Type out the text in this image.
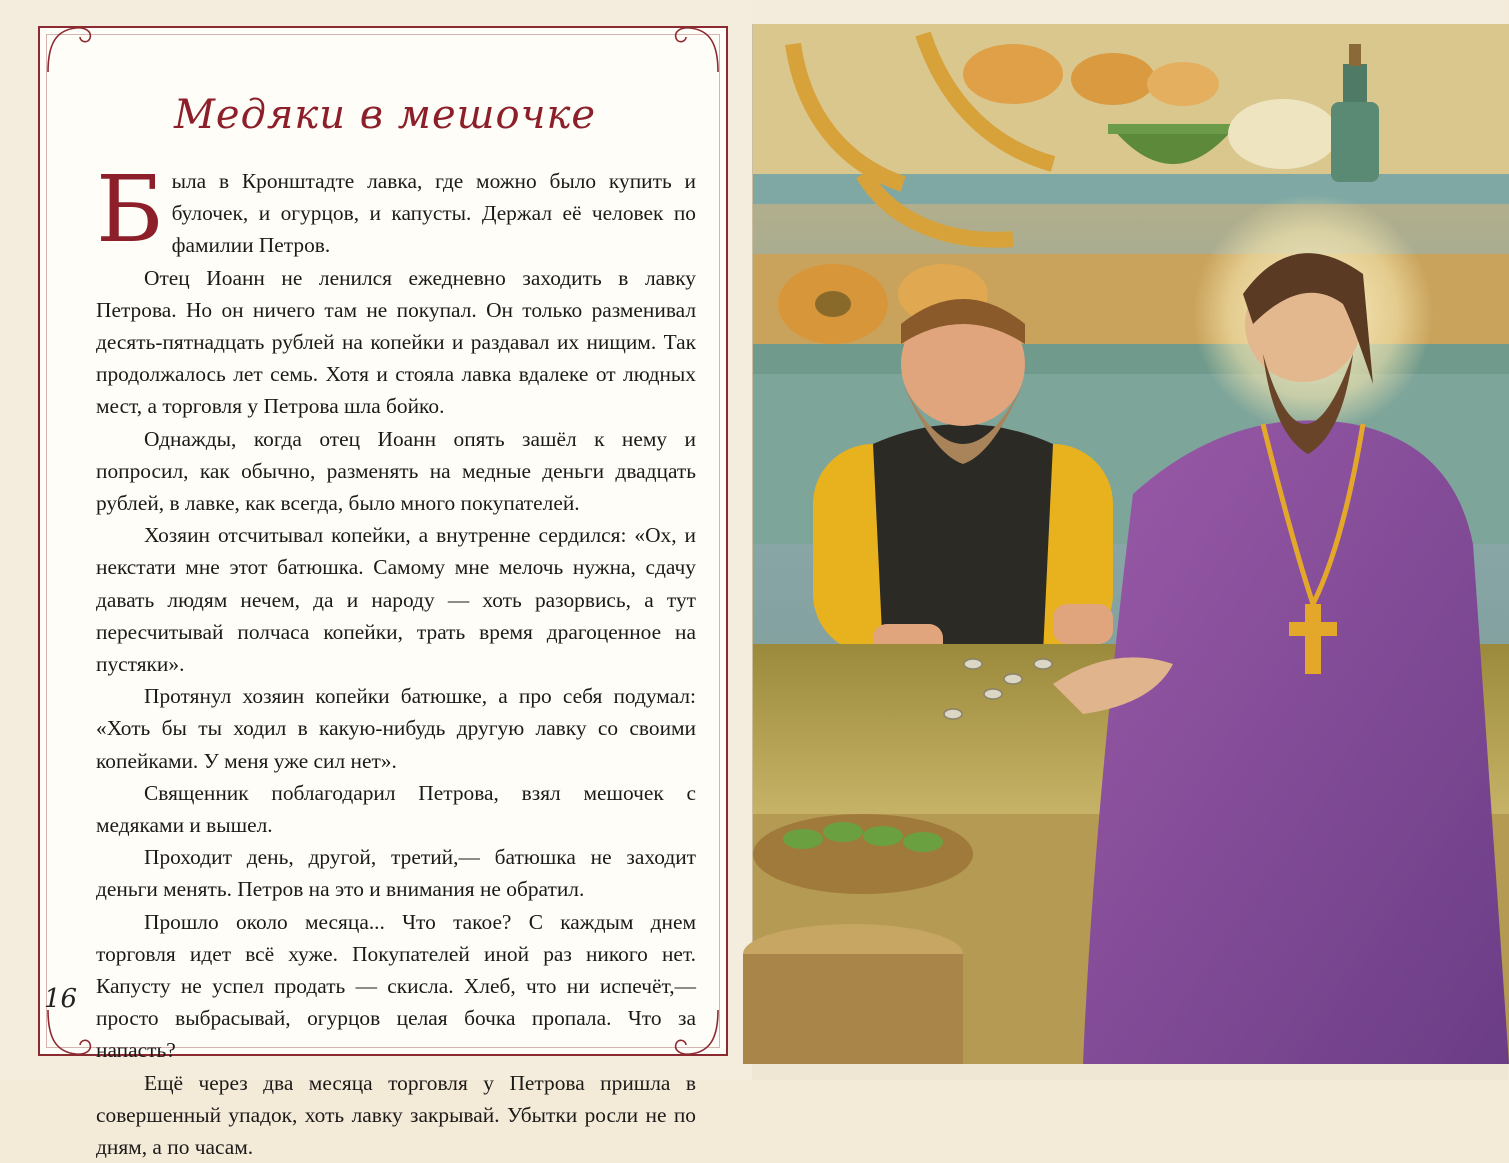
Медяки в мешочке

Была в Кронштадте лавка, где можно было купить и булочек, и огурцов, и капусты. Держал её человек по фамилии Петров.

Отец Иоанн не ленился ежедневно заходить в лавку Петрова. Но он ничего там не покупал. Он только разменивал десять-пятнадцать рублей на копейки и раздавал их нищим. Так продолжалось лет семь. Хотя и стояла лавка вдалеке от людных мест, а торговля у Петрова шла бойко.

Однажды, когда отец Иоанн опять зашёл к нему и попросил, как обычно, разменять на медные деньги двадцать рублей, в лавке, как всегда, было много покупателей.

Хозяин отсчитывал копейки, а внутренне сердился: «Ох, и некстати мне этот батюшка. Самому мне мелочь нужна, сдачу давать людям нечем, да и народу — хоть разорвись, а тут пересчитывай полчаса копейки, трать время драгоценное на пустяки».

Протянул хозяин копейки батюшке, а про себя подумал: «Хоть бы ты ходил в какую-нибудь другую лавку со своими копейками. У меня уже сил нет».

Священник поблагодарил Петрова, взял мешочек с медяками и вышел.

Проходит день, другой, третий,— батюшка не заходит деньги менять. Петров на это и внимания не обратил.

Прошло около месяца... Что такое? С каждым днем торговля идет всё хуже. Покупателей иной раз никого нет. Капусту не успел продать — скисла. Хлеб, что ни испечёт,— просто выбрасывай, огурцов целая бочка пропала. Что за напасть?

Ещё через два месяца торговля у Петрова пришла в совершенный упадок, хоть лавку закрывай. Убытки росли не по дням, а по часам.

16
